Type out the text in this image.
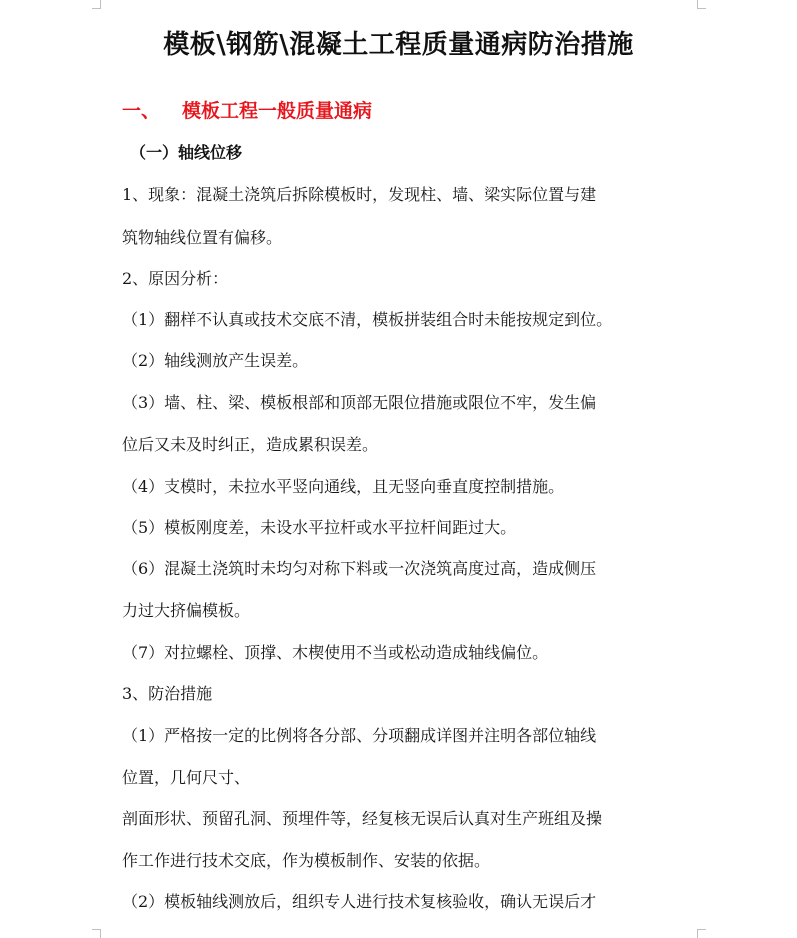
模板\钢筋\混凝土工程质量通病防治措施
一、 模板工程一般质量通病
（一）轴线位移
1、现象：混凝土浇筑后拆除模板时，发现柱、墙、梁实际位置与建
筑物轴线位置有偏移。
2、原因分析：
（1）翻样不认真或技术交底不清，模板拼装组合时未能按规定到位。
（2）轴线测放产生误差。
（3）墙、柱、梁、模板根部和顶部无限位措施或限位不牢，发生偏
位后又未及时纠正，造成累积误差。
（4）支模时，未拉水平竖向通线，且无竖向垂直度控制措施。
（5）模板刚度差，未设水平拉杆或水平拉杆间距过大。
（6）混凝土浇筑时未均匀对称下料或一次浇筑高度过高，造成侧压
力过大挤偏模板。
（7）对拉螺栓、顶撑、木楔使用不当或松动造成轴线偏位。
3、防治措施
（1）严格按一定的比例将各分部、分项翻成详图并注明各部位轴线
位置，几何尺寸、
剖面形状、预留孔洞、预埋件等，经复核无误后认真对生产班组及操
作工作进行技术交底，作为模板制作、安装的依据。
（2）模板轴线测放后，组织专人进行技术复核验收，确认无误后才
